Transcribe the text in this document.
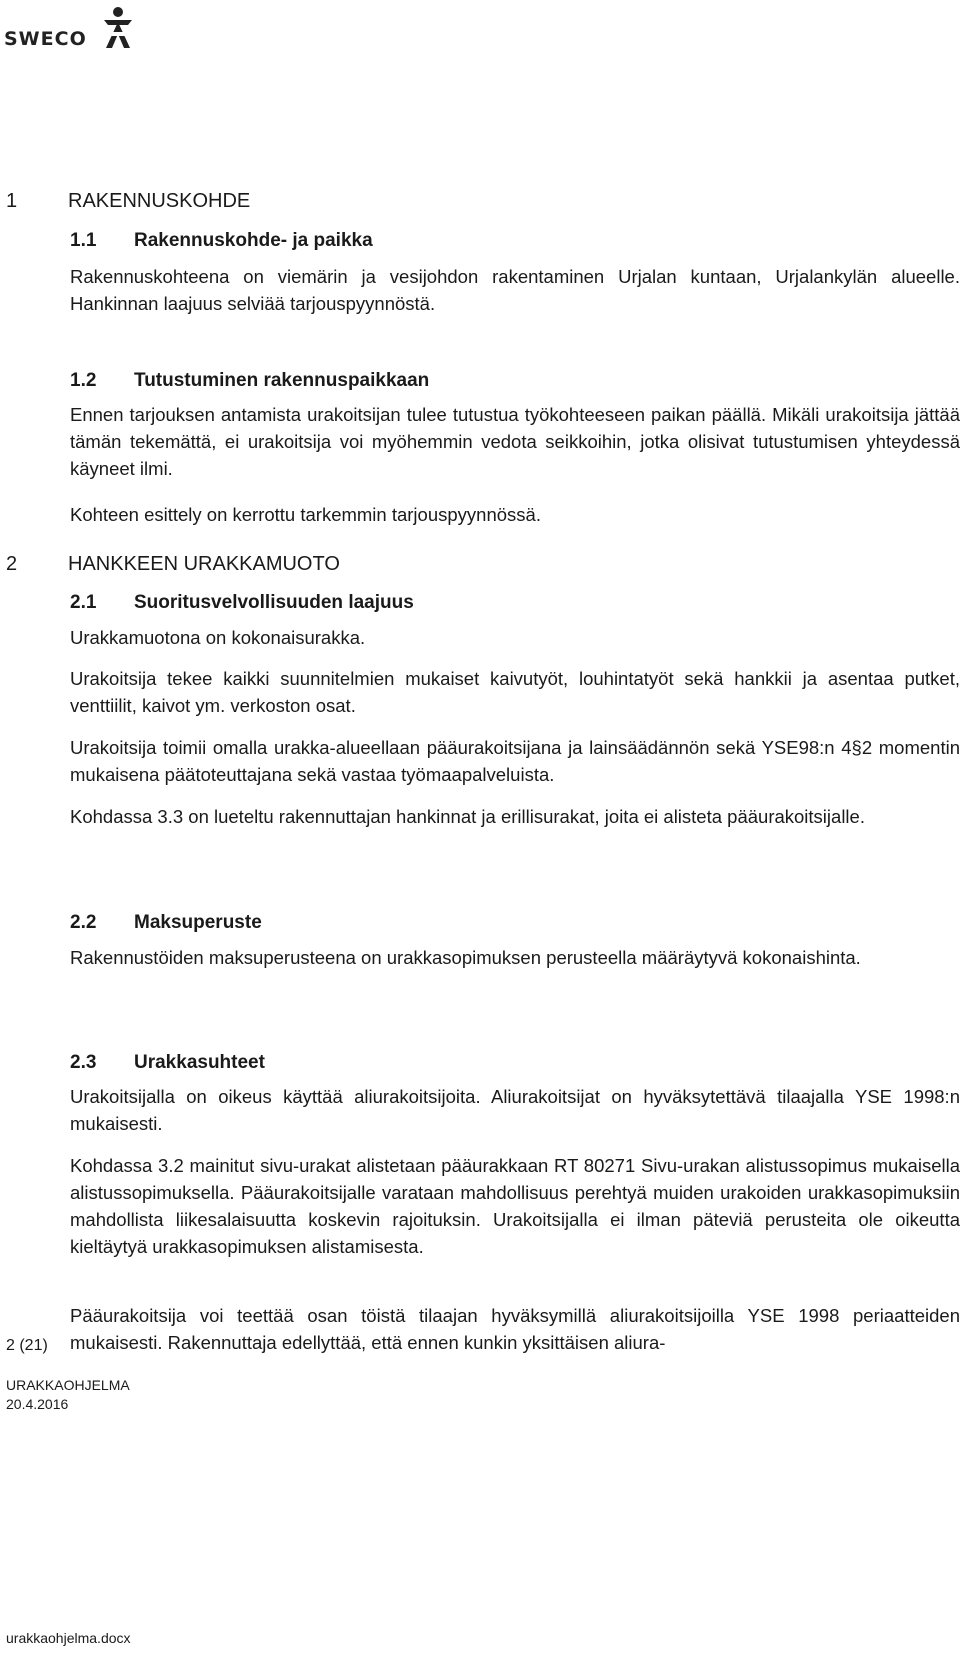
SWECO
1	RAKENNUSKOHDE
1.1 Rakennuskohde- ja paikka

Rakennuskohteena on viemärin ja vesijohdon rakentaminen Urjalan kuntaan, Urjalankylän alueelle. Hankinnan laajuus selviää tarjouspyynnöstä.

1.2 Tutustuminen rakennuspaikkaan

Ennen tarjouksen antamista urakoitsijan tulee tutustua työkohteeseen paikan päällä. Mikäli urakoitsija jättää tämän tekemättä, ei urakoitsija voi myöhemmin vedota seikkoihin, jotka olisivat tutustumisen yhteydessä käyneet ilmi.

Kohteen esittely on kerrottu tarkemmin tarjouspyynnössä.

2	HANKKEEN URAKKAMUOTO
2.1 Suoritusvelvollisuuden laajuus

Urakkamuotona on kokonaisurakka.

Urakoitsija tekee kaikki suunnitelmien mukaiset kaivutyöt, louhintatyöt sekä hankkii ja asentaa putket, venttiilit, kaivot ym. verkoston osat.

Urakoitsija toimii omalla urakka-alueellaan pääurakoitsijana ja lainsäädännön sekä YSE98:n 4§2 momentin mukaisena päätoteuttajana sekä vastaa työmaapalveluista.

Kohdassa 3.3 on lueteltu rakennuttajan hankinnat ja erillisurakat, joita ei alisteta pääurakoitsijalle.

2.2 Maksuperuste

Rakennustöiden maksuperusteena on urakkasopimuksen perusteella määräytyvä kokonaishinta.

2.3 Urakkasuhteet

Urakoitsijalla on oikeus käyttää aliurakoitsijoita. Aliurakoitsijat on hyväksytettävä tilaajalla YSE 1998:n mukaisesti.

Kohdassa 3.2 mainitut sivu-urakat alistetaan pääurakkaan RT 80271 Sivu-urakan alistussopimus mukaisella alistussopimuksella. Pääurakoitsijalle varataan mahdollisuus perehtyä muiden urakoiden urakkasopimuksiin mahdollista liikesalaisuutta koskevin rajoituksin. Urakoitsijalla ei ilman päteviä perusteita ole oikeutta kieltäytyä urakkasopimuksen alistamisesta.

Pääurakoitsija voi teettää osan töistä tilaajan hyväksymillä aliurakoitsijoilla YSE 1998 periaatteiden mukaisesti. Rakennuttaja edellyttää, että ennen kunkin yksittäisen aliura-

2 (21)
URAKKAOHJELMA
20.4.2016
urakkaohjelma.docx
